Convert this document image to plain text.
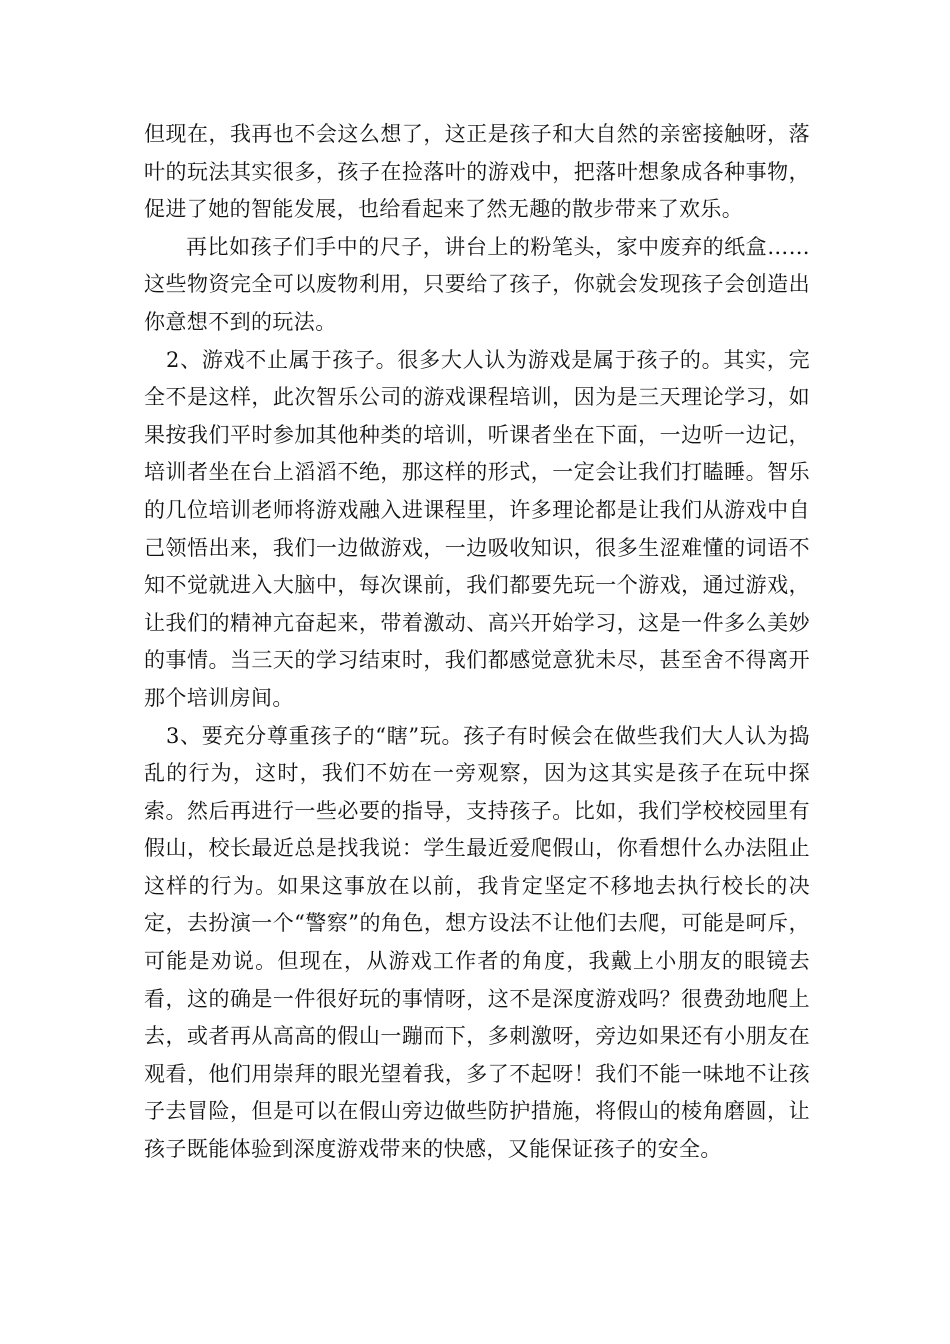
但现在，我再也不会这么想了，这正是孩子和大自然的亲密接触呀，落叶的玩法其实很多，孩子在捡落叶的游戏中，把落叶想象成各种事物，促进了她的智能发展，也给看起来了然无趣的散步带来了欢乐。

再比如孩子们手中的尺子，讲台上的粉笔头，家中废弃的纸盒……这些物资完全可以废物利用，只要给了孩子，你就会发现孩子会创造出你意想不到的玩法。

2、游戏不止属于孩子。很多大人认为游戏是属于孩子的。其实，完全不是这样，此次智乐公司的游戏课程培训，因为是三天理论学习，如果按我们平时参加其他种类的培训，听课者坐在下面，一边听一边记，培训者坐在台上滔滔不绝，那这样的形式，一定会让我们打瞌睡。智乐的几位培训老师将游戏融入进课程里，许多理论都是让我们从游戏中自己领悟出来，我们一边做游戏，一边吸收知识，很多生涩难懂的词语不知不觉就进入大脑中，每次课前，我们都要先玩一个游戏，通过游戏，让我们的精神亢奋起来，带着激动、高兴开始学习，这是一件多么美妙的事情。当三天的学习结束时，我们都感觉意犹未尽，甚至舍不得离开那个培训房间。

3、要充分尊重孩子的“瞎”玩。孩子有时候会在做些我们大人认为捣乱的行为，这时，我们不妨在一旁观察，因为这其实是孩子在玩中探索。然后再进行一些必要的指导，支持孩子。比如，我们学校校园里有假山，校长最近总是找我说：学生最近爱爬假山，你看想什么办法阻止这样的行为。如果这事放在以前，我肯定坚定不移地去执行校长的决定，去扮演一个“警察”的角色，想方设法不让他们去爬，可能是呵斥，可能是劝说。但现在，从游戏工作者的角度，我戴上小朋友的眼镜去看，这的确是一件很好玩的事情呀，这不是深度游戏吗？很费劲地爬上去，或者再从高高的假山一蹦而下，多刺激呀，旁边如果还有小朋友在观看，他们用崇拜的眼光望着我，多了不起呀！我们不能一味地不让孩子去冒险，但是可以在假山旁边做些防护措施，将假山的棱角磨圆，让孩子既能体验到深度游戏带来的快感，又能保证孩子的安全。
